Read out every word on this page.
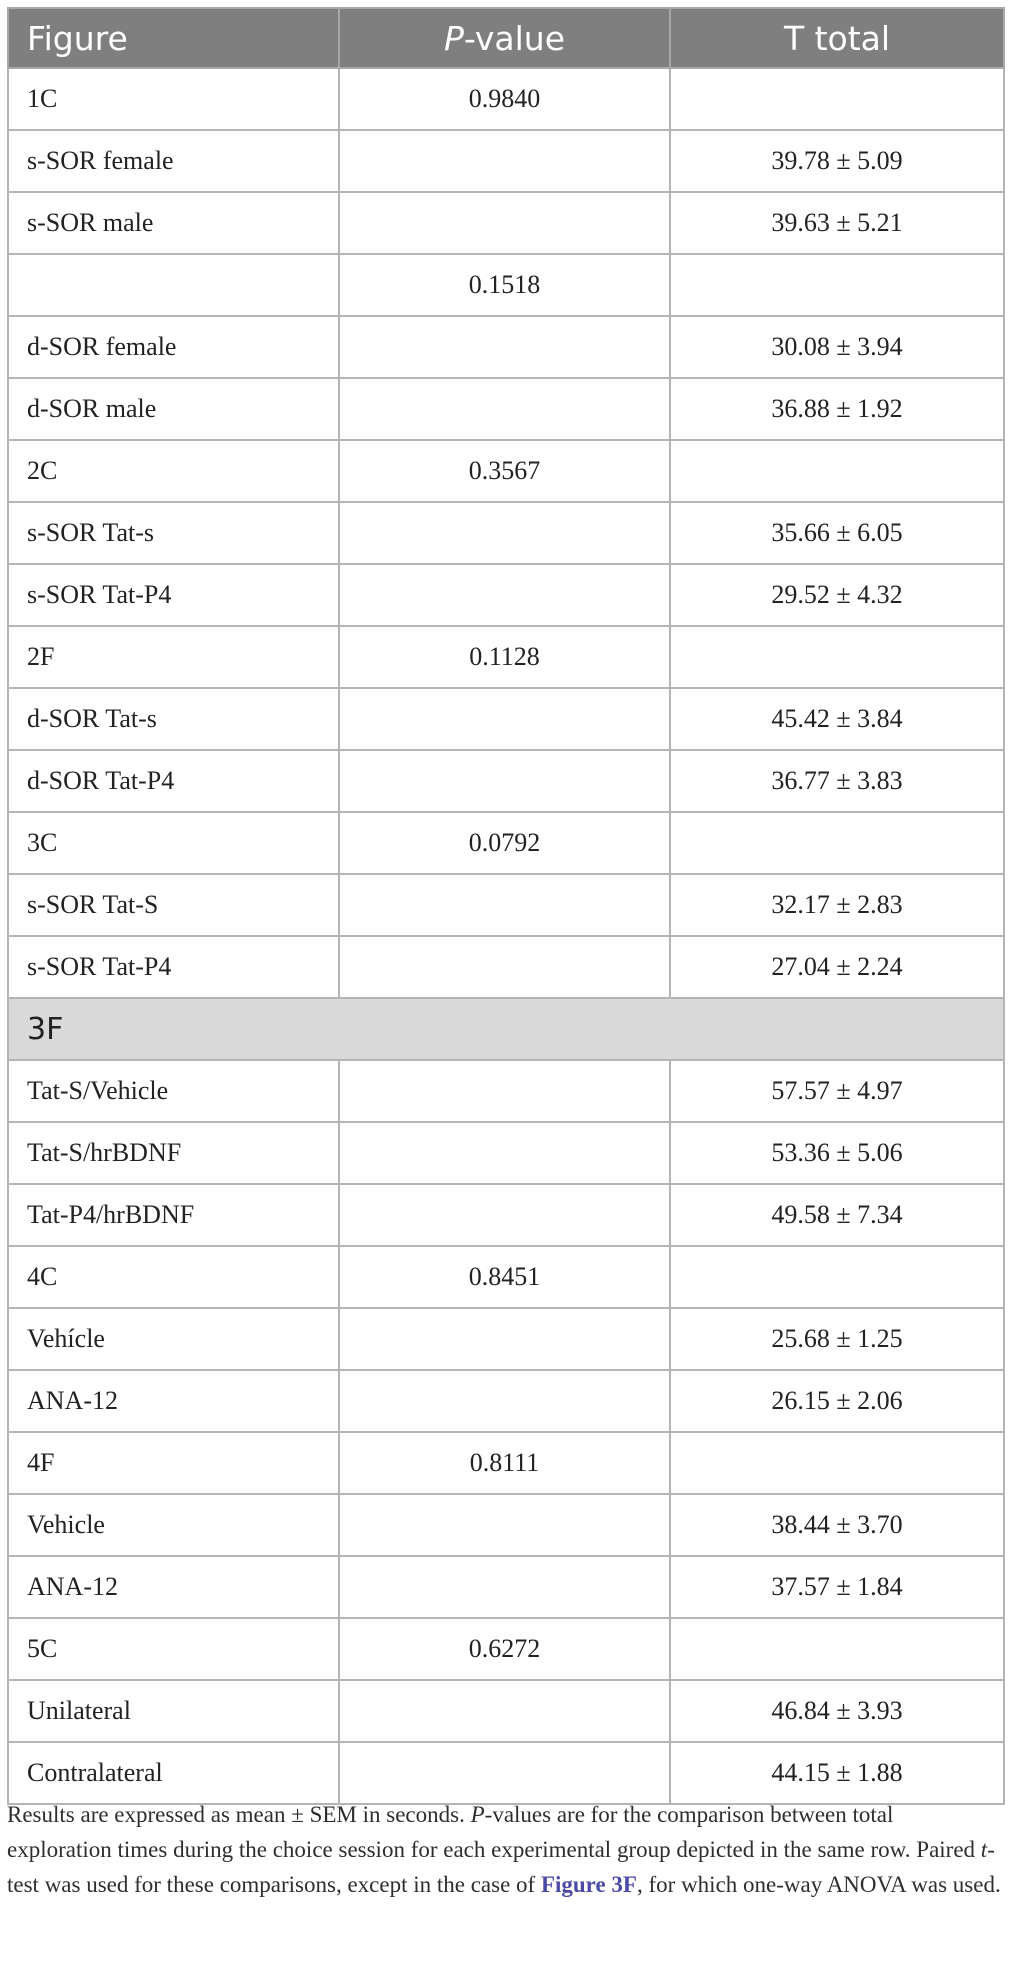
Figure	P-value	T total
1C	0.9840	
s-SOR female		39.78 ± 5.09
s-SOR male		39.63 ± 5.21
	0.1518	
d-SOR female		30.08 ± 3.94
d-SOR male		36.88 ± 1.92
2C	0.3567	
s-SOR Tat-s		35.66 ± 6.05
s-SOR Tat-P4		29.52 ± 4.32
2F	0.1128	
d-SOR Tat-s		45.42 ± 3.84
d-SOR Tat-P4		36.77 ± 3.83
3C	0.0792	
s-SOR Tat-S		32.17 ± 2.83
s-SOR Tat-P4		27.04 ± 2.24
3F		
Tat-S/Vehicle		57.57 ± 4.97
Tat-S/hrBDNF		53.36 ± 5.06
Tat-P4/hrBDNF		49.58 ± 7.34
4C	0.8451	
Vehícle		25.68 ± 1.25
ANA-12		26.15 ± 2.06
4F	0.8111	
Vehicle		38.44 ± 3.70
ANA-12		37.57 ± 1.84
5C	0.6272	
Unilateral		46.84 ± 3.93
Contralateral		44.15 ± 1.88
Results are expressed as mean ± SEM in seconds. P-values are for the comparison between total exploration times during the choice session for each experimental group depicted in the same row. Paired t-test was used for these comparisons, except in the case of Figure 3F, for which one-way ANOVA was used.
